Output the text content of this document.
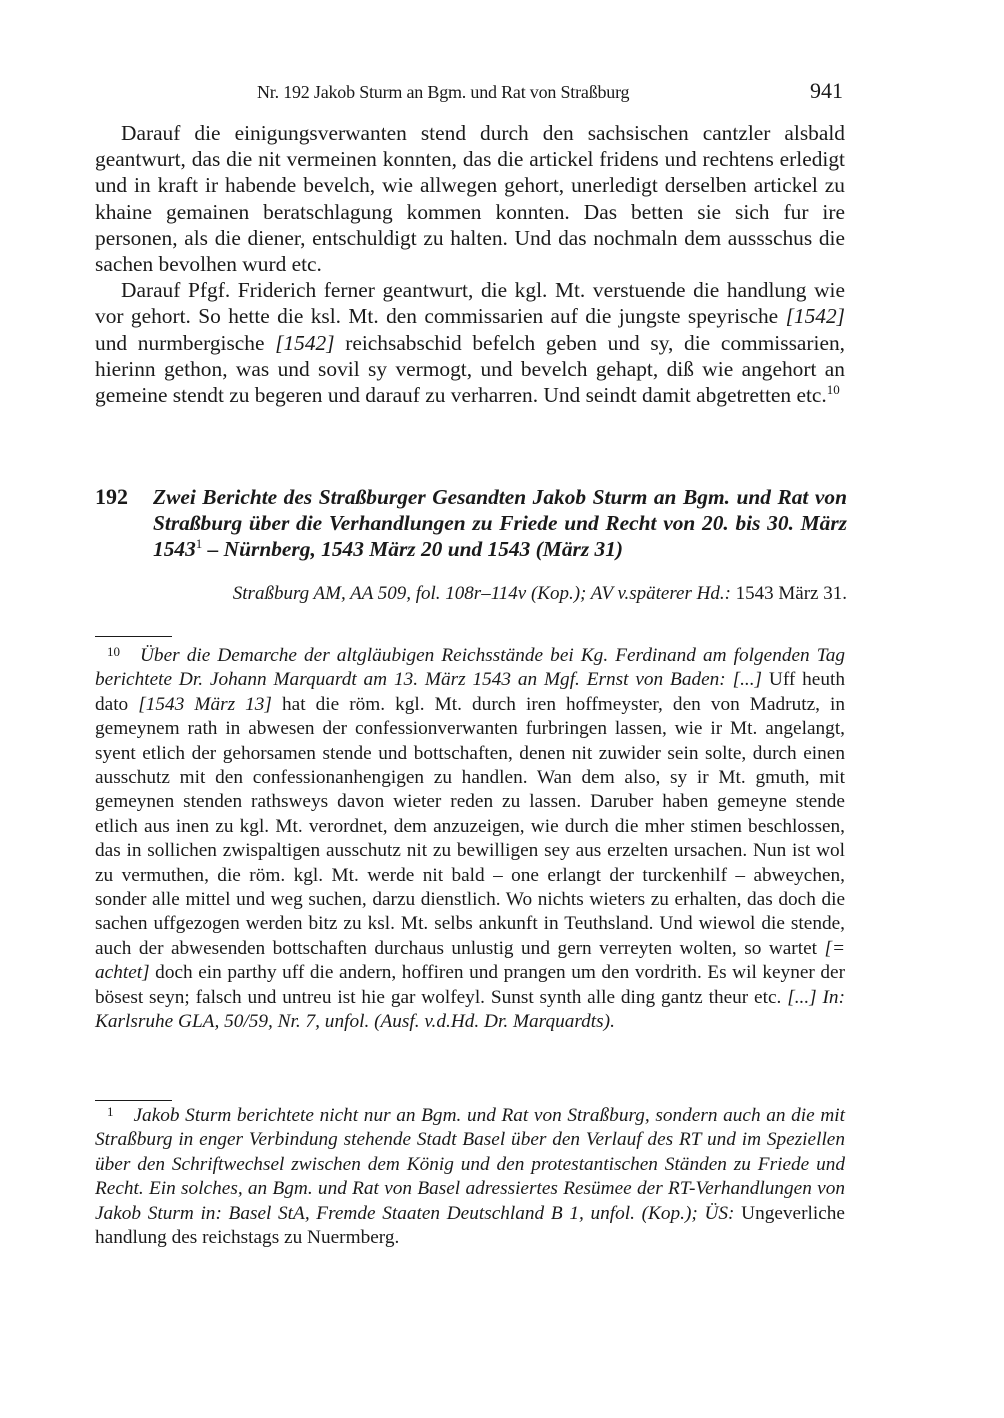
Nr. 192 Jakob Sturm an Bgm. und Rat von Straßburg	941

Darauf die einigungsverwanten stend durch den sachsischen cantzler alsbald geantwurt, das die nit vermeinen konnten, das die artickel fridens und rechtens erledigt und in kraft ir habende bevelch, wie allwegen gehort, unerledigt derselben artickel zu khaine gemainen beratschlagung kommen konnten. Das betten sie sich fur ire personen, als die diener, entschuldigt zu halten. Und das nochmaln dem aussschus die sachen bevolhen wurd etc.

Darauf Pfgf. Friderich ferner geantwurt, die kgl. Mt. verstuende die handlung wie vor gehort. So hette die ksl. Mt. den commissarien auf die jungste speyrische [1542] und nurmbergische [1542] reichsabschid befelch geben und sy, die commissarien, hierinn gethon, was und sovil sy vermogt, und bevelch gehapt, diß wie angehort an gemeine stendt zu begeren und darauf zu verharren. Und seindt damit abgetretten etc.$^{10}$

192 Zwei Berichte des Straßburger Gesandten Jakob Sturm an Bgm. und Rat von Straßburg über die Verhandlungen zu Friede und Recht von 20. bis 30. März 1543$^1$ – Nürnberg, 1543 März 20 und 1543 (März 31)
Straßburg AM, AA 509, fol. 108r–114v (Kop.); AV v.späterer Hd.: 1543 März 31.
10 Über die Demarche der altgläubigen Reichsstände bei Kg. Ferdinand am folgenden Tag berichtete Dr. Johann Marquardt am 13. März 1543 an Mgf. Ernst von Baden: [...] Uff heuth dato [1543 März 13] hat die röm. kgl. Mt. durch iren hoffmeyster, den von Madrutz, in gemeynem rath in abwesen der confessionverwanten furbringen lassen, wie ir Mt. angelangt, syent etlich der gehorsamen stende und bottschaften, denen nit zuwider sein solte, durch einen ausschutz mit den confessionanhengigen zu handlen. Wan dem also, sy ir Mt. gmuth, mit gemeynen stenden rathsweys davon wieter reden zu lassen. Daruber haben gemeyne stende etlich aus inen zu kgl. Mt. verordnet, dem anzuzeigen, wie durch die mher stimen beschlossen, das in sollichen zwispaltigen ausschutz nit zu bewilligen sey aus erzelten ursachen. Nun ist wol zu vermuthen, die röm. kgl. Mt. werde nit bald – one erlangt der turckenhilf – abweychen, sonder alle mittel und weg suchen, darzu dienstlich. Wo nichts wieters zu erhalten, das doch die sachen uffgezogen werden bitz zu ksl. Mt. selbs ankunft in Teuthsland. Und wiewol die stende, auch der abwesenden bottschaften durchaus unlustig und gern verreyten wolten, so wartet [= achtet] doch ein parthy uff die andern, hoffiren und prangen um den vordrith. Es wil keyner der bösest seyn; falsch und untreu ist hie gar wolfeyl. Sunst synth alle ding gantz theur etc. [...] In: Karlsruhe GLA, 50/59, Nr. 7, unfol. (Ausf. v.d.Hd. Dr. Marquardts).
1 Jakob Sturm berichtete nicht nur an Bgm. und Rat von Straßburg, sondern auch an die mit Straßburg in enger Verbindung stehende Stadt Basel über den Verlauf des RT und im Speziellen über den Schriftwechsel zwischen dem König und den protestantischen Ständen zu Friede und Recht. Ein solches, an Bgm. und Rat von Basel adressiertes Resümee der RT-Verhandlungen von Jakob Sturm in: Basel StA, Fremde Staaten Deutschland B 1, unfol. (Kop.); ÜS: Ungeverliche handlung des reichstags zu Nuermberg.
